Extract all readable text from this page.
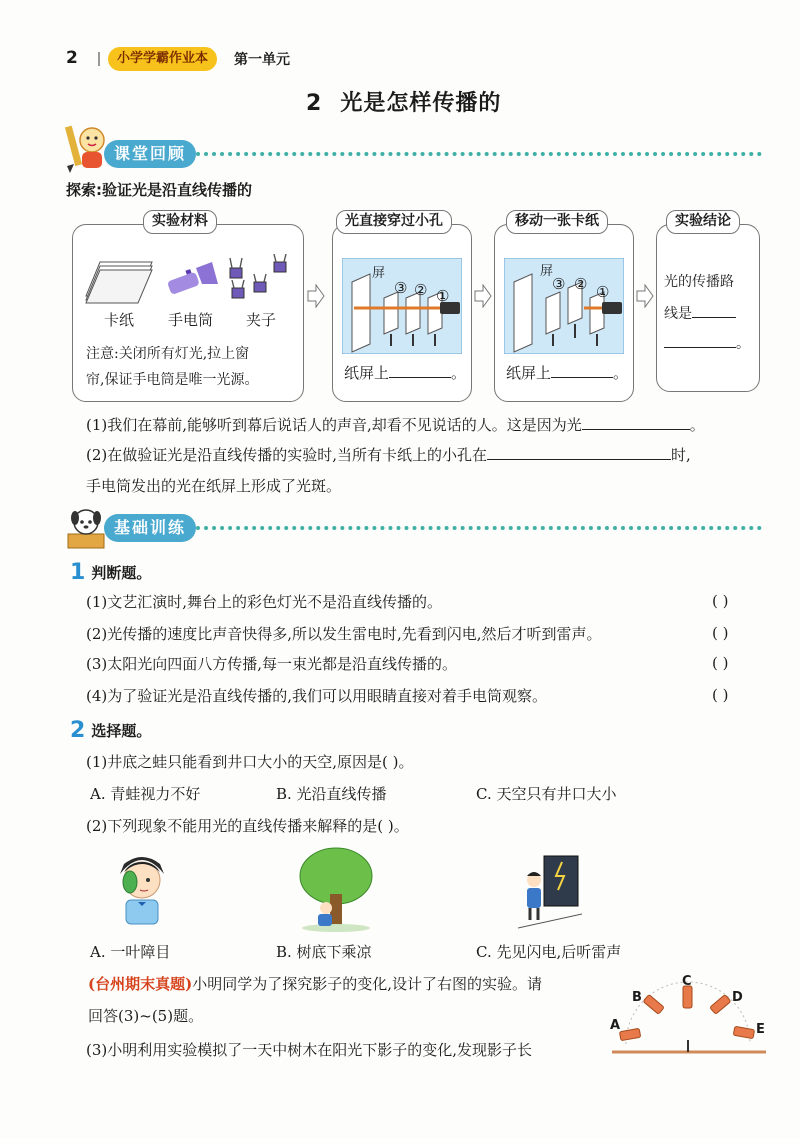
2	小学学霸作业本	第一单元
2 光是怎样传播的
课堂回顾
探索:验证光是沿直线传播的
实验材料
卡纸 手电筒 夹子
注意:关闭所有灯光,拉上窗
帘,保证手电筒是唯一光源。
光直接穿过小孔
屏
③ ② ①
纸屏上	。
移动一张卡纸
屏
③ ② ①
纸屏上	。
实验结论
光的传播路
线是
。
(1)我们在幕前,能够听到幕后说话人的声音,却看不见说话的人。这是因为光	。
(2)在做验证光是沿直线传播的实验时,当所有卡纸上的小孔在	时,
手电筒发出的光在纸屏上形成了光斑。
基础训练
1 判断题。
(1)文艺汇演时,舞台上的彩色灯光不是沿直线传播的。	( )
(2)光传播的速度比声音快得多,所以发生雷电时,先看到闪电,然后才听到雷声。	( )
(3)太阳光向四面八方传播,每一束光都是沿直线传播的。	( )
(4)为了验证光是沿直线传播的,我们可以用眼睛直接对着手电筒观察。	( )
2 选择题。
(1)井底之蛙只能看到井口大小的天空,原因是( )。
A. 青蛙视力不好	B. 光沿直线传播	C. 天空只有井口大小
(2)下列现象不能用光的直线传播来解释的是( )。
A. 一叶障目	B. 树底下乘凉	C. 先见闪电,后听雷声
(台州期末真题)小明同学为了探究影子的变化,设计了右图的实验。请
回答(3)~(5)题。
(3)小明利用实验模拟了一天中树木在阳光下影子的变化,发现影子长
A
B
C
D
E
